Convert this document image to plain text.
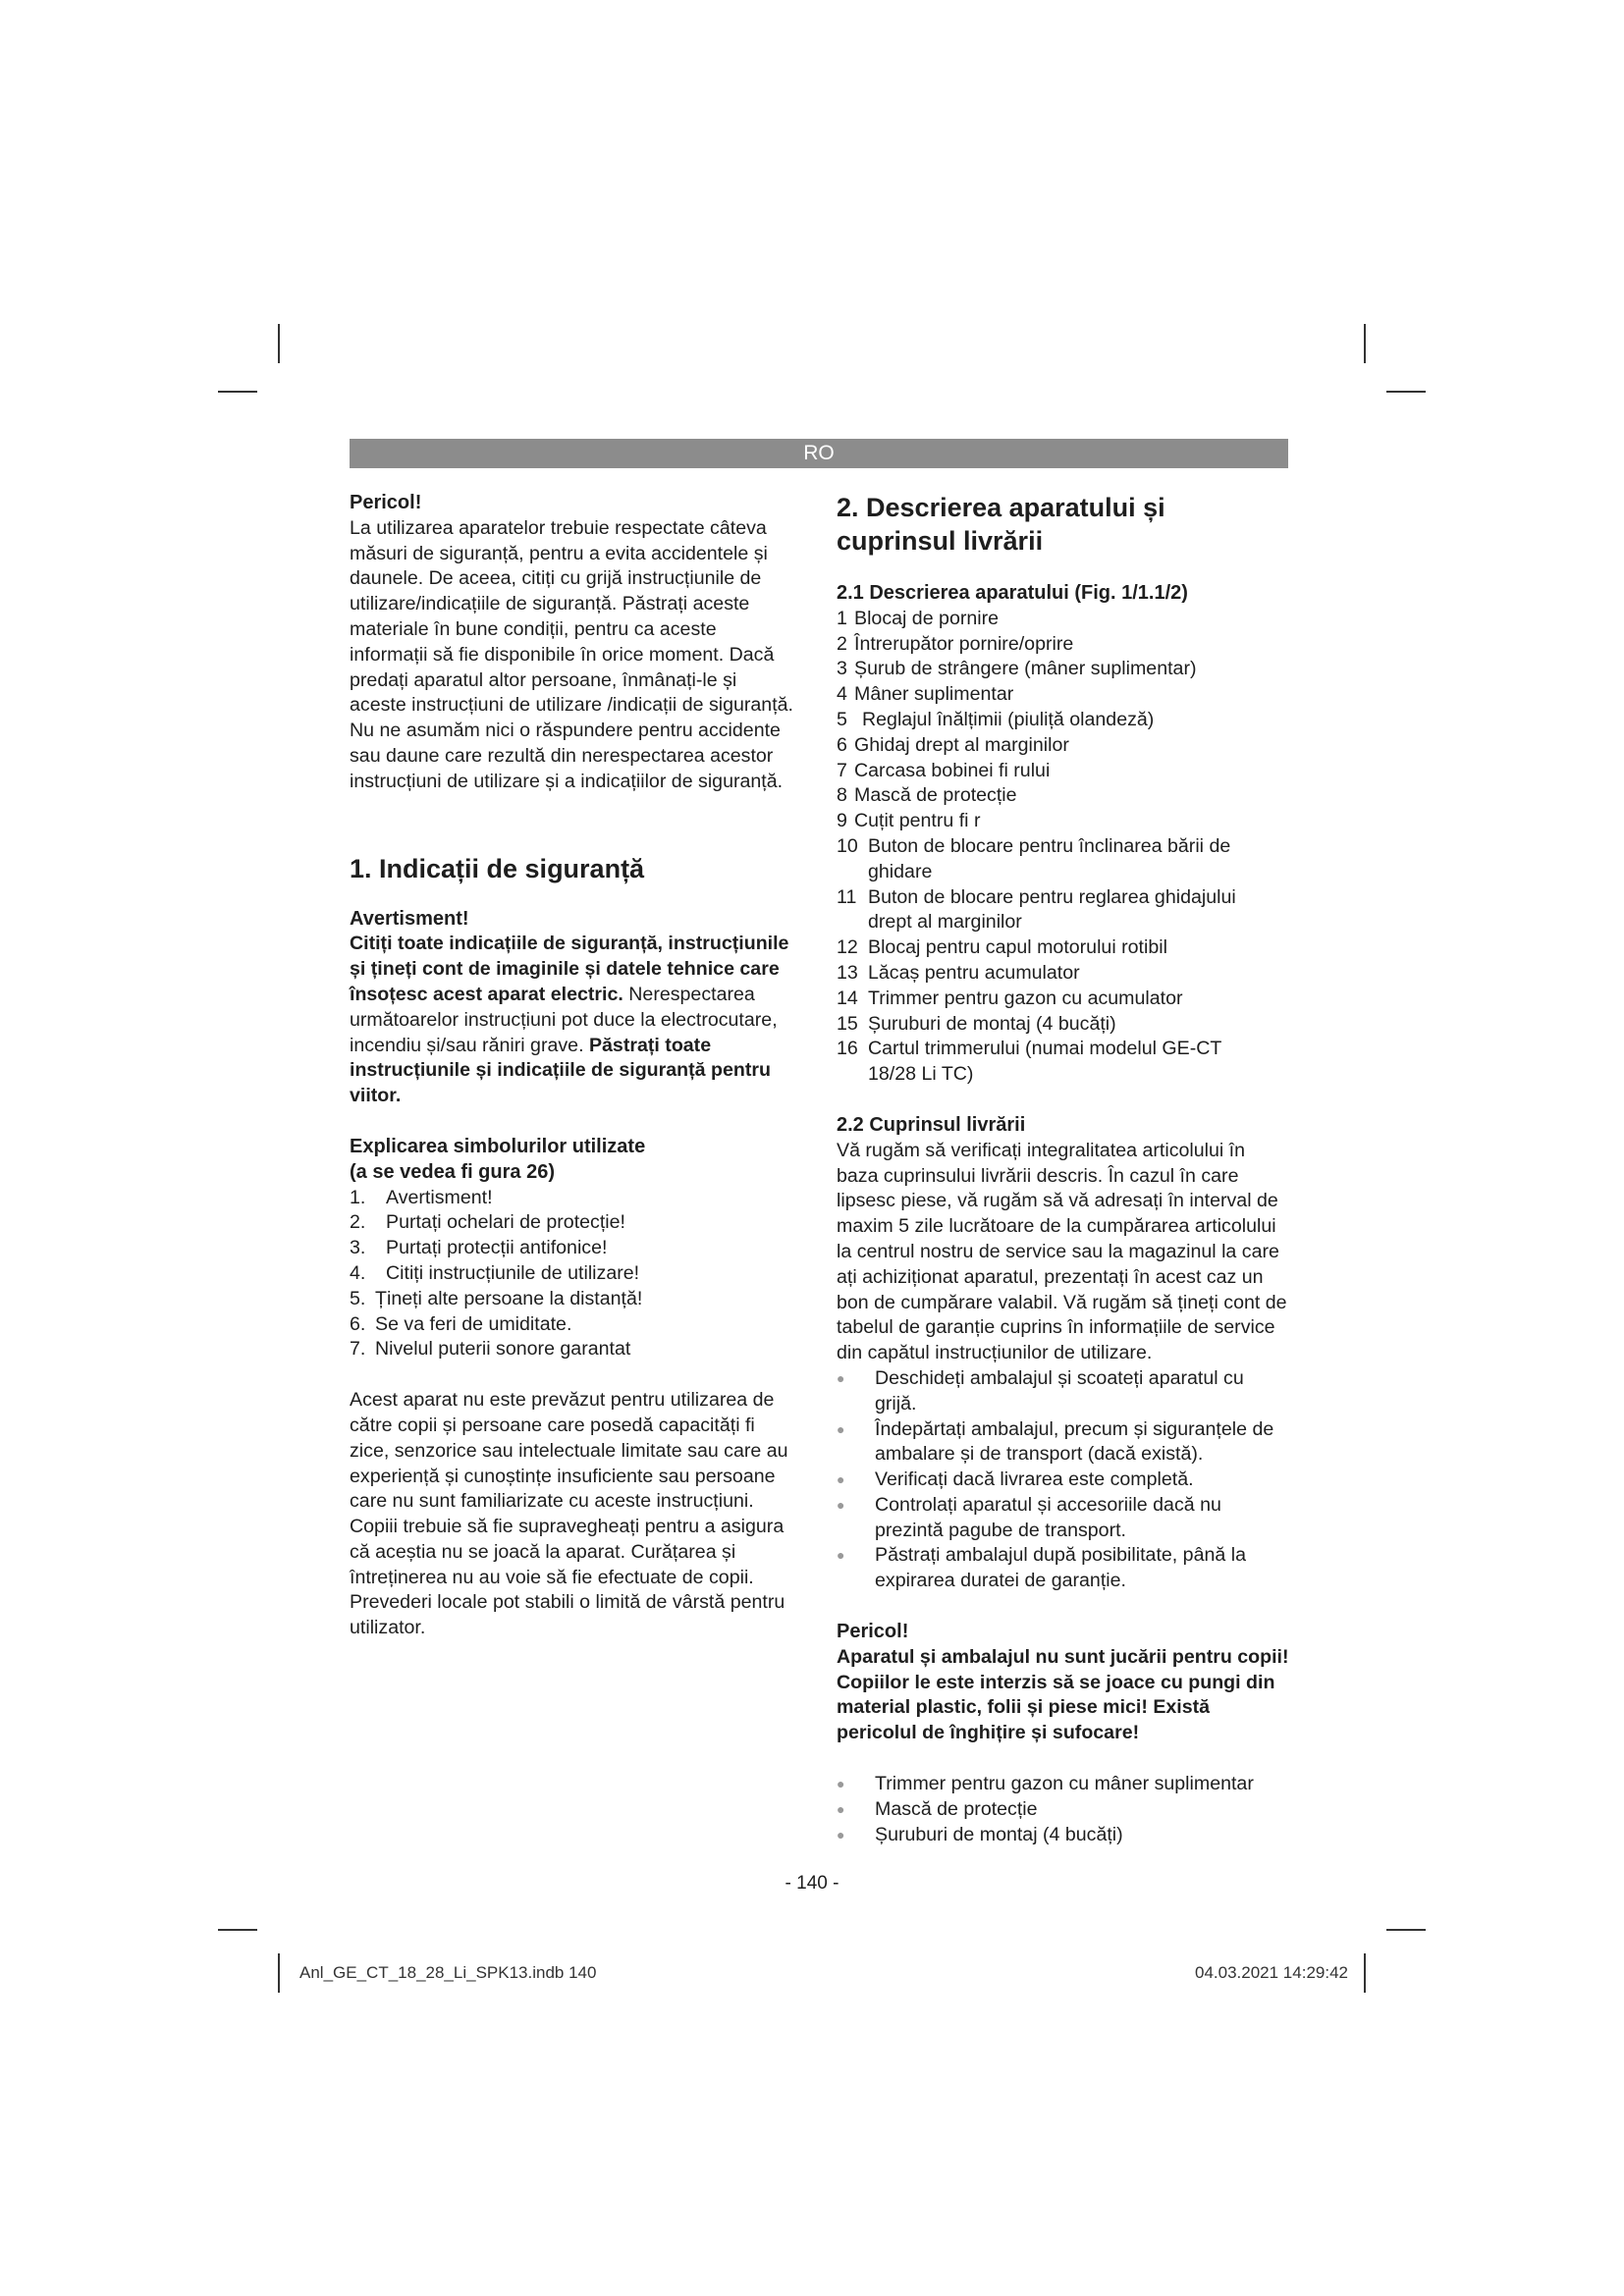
RO

Pericol!

La utilizarea aparatelor trebuie respectate câteva măsuri de siguranță, pentru a evita accidentele și daunele. De aceea, citiți cu grijă instrucțiunile de utilizare/indicațiile de siguranță. Păstrați aceste materiale în bune condiții, pentru ca aceste informații să fie disponibile în orice moment. Dacă predați aparatul altor persoane, înmânați-le și aceste instrucțiuni de utilizare /indicații de siguranță. Nu ne asumăm nici o răspundere pentru accidente sau daune care rezultă din nerespectarea acestor instrucțiuni de utilizare și a indicațiilor de siguranță.

1. Indicații de siguranță

Avertisment!

Citiți toate indicațiile de siguranță, instrucțiunile și țineți cont de imaginile și datele tehnice care însoțesc acest aparat electric. Nerespectarea următoarelor instrucțiuni pot duce la electrocutare, incendiu și/sau răniri grave. Păstrați toate instrucțiunile și indicațiile de siguranță pentru viitor.

Explicarea simbolurilor utilizate

(a se vedea fi gura 26)

1.	Avertisment!
2.	Purtați ochelari de protecție!
3.	Purtați protecții antifonice!
4.	Citiți instrucțiunile de utilizare!
5. Țineți alte persoane la distanță!
6. Se va feri de umiditate.
7. Nivelul puterii sonore garantat

Acest aparat nu este prevăzut pentru utilizarea de către copii și persoane care posedă capacități fi zice, senzorice sau intelectuale limitate sau care au experiență și cunoștințe insuficiente sau persoane care nu sunt familiarizate cu aceste instrucțiuni. Copiii trebuie să fie supravegheați pentru a asigura că aceștia nu se joacă la aparat. Curățarea și întreținerea nu au voie să fie efectuate de copii.

Prevederi locale pot stabili o limită de vârstă pentru utilizator.

2. Descrierea aparatului și cuprinsul livrării

2.1 Descrierea aparatului (Fig. 1/1.1/2)

1 Blocaj de pornire
2 Întrerupător pornire/oprire
3 Șurub de strângere (mâner suplimentar)
4 Mâner suplimentar
5 Reglajul înălțimii (piuliță olandeză)
6 Ghidaj drept al marginilor
7 Carcasa bobinei fi rului
8 Mască de protecție
9 Cuțit pentru fi r
10 Buton de blocare pentru înclinarea bării de ghidare
11 Buton de blocare pentru reglarea ghidajului drept al marginilor
12 Blocaj pentru capul motorului rotibil
13 Lăcaș pentru acumulator
14 Trimmer pentru gazon cu acumulator
15 Șuruburi de montaj (4 bucăți)
16 Cartul trimmerului (numai modelul GE-CT 18/28 Li TC)

2.2 Cuprinsul livrării

Vă rugăm să verificați integralitatea articolului în baza cuprinsului livrării descris. În cazul în care lipsesc piese, vă rugăm să vă adresați în interval de maxim 5 zile lucrătoare de la cumpărarea articolului la centrul nostru de service sau la magazinul la care ați achiziționat aparatul, prezentați în acest caz un bon de cumpărare valabil. Vă rugăm să țineți cont de tabelul de garanție cuprins în informațiile de service din capătul instrucțiunilor de utilizare.

●	Deschideți ambalajul și scoateți aparatul cu grijă.
●	Îndepărtați ambalajul, precum și siguranțele de ambalare și de transport (dacă există).
●	Verificați dacă livrarea este completă.
●	Controlați aparatul și accesoriile dacă nu prezintă pagube de transport.
●	Păstrați ambalajul după posibilitate, până la expirarea duratei de garanție.

Pericol!

Aparatul și ambalajul nu sunt jucării pentru copii! Copiilor le este interzis să se joace cu pungi din material plastic, folii și piese mici! Există pericolul de înghițire și sufocare!

●	Trimmer pentru gazon cu mâner suplimentar
●	Mască de protecție
●	Șuruburi de montaj (4 bucăți)
- 140 -
Anl_GE_CT_18_28_Li_SPK13.indb 140	04.03.2021 14:29:42
